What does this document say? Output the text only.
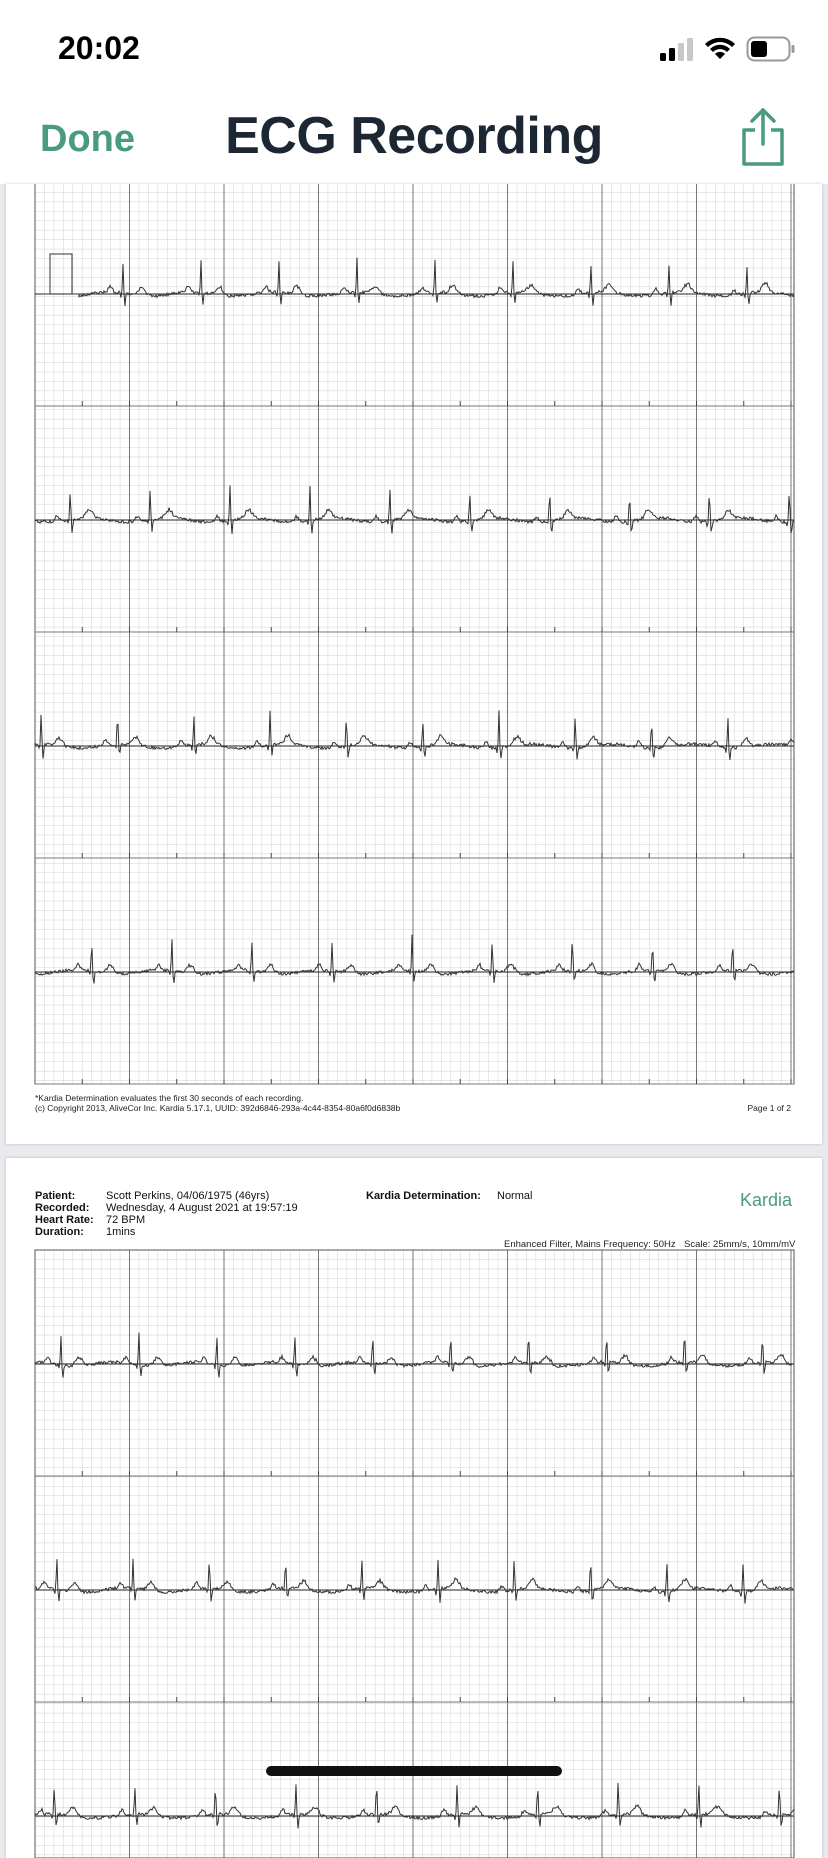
20:02
Done	ECG Recording
*Kardia Determination evaluates the first 30 seconds of each recording.
(c) Copyright 2013, AliveCor Inc. Kardia 5.17.1, UUID: 392d6846-293a-4c44-8354-80a6f0d6838b	Page 1 of 2
Patient:	Scott Perkins, 04/06/1975 (46yrs)
Recorded: Wednesday, 4 August 2021 at 19:57:19
Heart Rate: 72 BPM
Duration: 1mins
Kardia Determination: Normal	Kardia
Enhanced Filter, Mains Frequency: 50Hz Scale: 25mm/s, 10mm/mV
